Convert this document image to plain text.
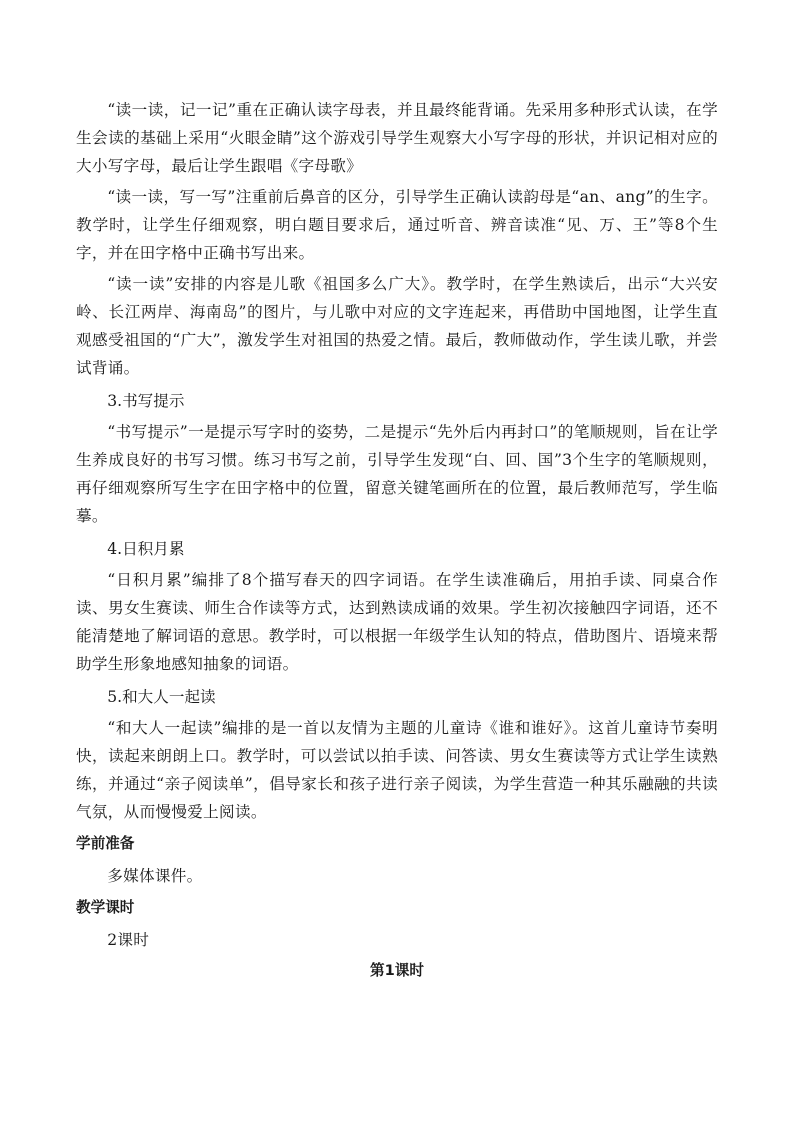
“读一读，记一记”重在正确认读字母表，并且最终能背诵。先采用多种形式认读，在学生会读的基础上采用“火眼金睛”这个游戏引导学生观察大小写字母的形状，并识记相对应的大小写字母，最后让学生跟唱《字母歌》

“读一读，写一写”注重前后鼻音的区分，引导学生正确认读韵母是“an、ang”的生字。教学时，让学生仔细观察，明白题目要求后，通过听音、辨音读准“见、万、王”等8个生字，并在田字格中正确书写出来。

“读一读”安排的内容是儿歌《祖国多么广大》。教学时，在学生熟读后，出示“大兴安岭、长江两岸、海南岛”的图片，与儿歌中对应的文字连起来，再借助中国地图，让学生直观感受祖国的“广大”，激发学生对祖国的热爱之情。最后，教师做动作，学生读儿歌，并尝试背诵。

3.书写提示

“书写提示”一是提示写字时的姿势，二是提示“先外后内再封口”的笔顺规则，旨在让学生养成良好的书写习惯。练习书写之前，引导学生发现“白、回、国”3个生字的笔顺规则，再仔细观察所写生字在田字格中的位置，留意关键笔画所在的位置，最后教师范写，学生临摹。

4.日积月累

“日积月累”编排了8个描写春天的四字词语。在学生读准确后，用拍手读、同桌合作读、男女生赛读、师生合作读等方式，达到熟读成诵的效果。学生初次接触四字词语，还不能清楚地了解词语的意思。教学时，可以根据一年级学生认知的特点，借助图片、语境来帮助学生形象地感知抽象的词语。

5.和大人一起读

“和大人一起读”编排的是一首以友情为主题的儿童诗《谁和谁好》。这首儿童诗节奏明快，读起来朗朗上口。教学时，可以尝试以拍手读、问答读、男女生赛读等方式让学生读熟练，并通过“亲子阅读单”，倡导家长和孩子进行亲子阅读，为学生营造一种其乐融融的共读气氛，从而慢慢爱上阅读。

学前准备

多媒体课件。

教学课时

2课时

第1课时
